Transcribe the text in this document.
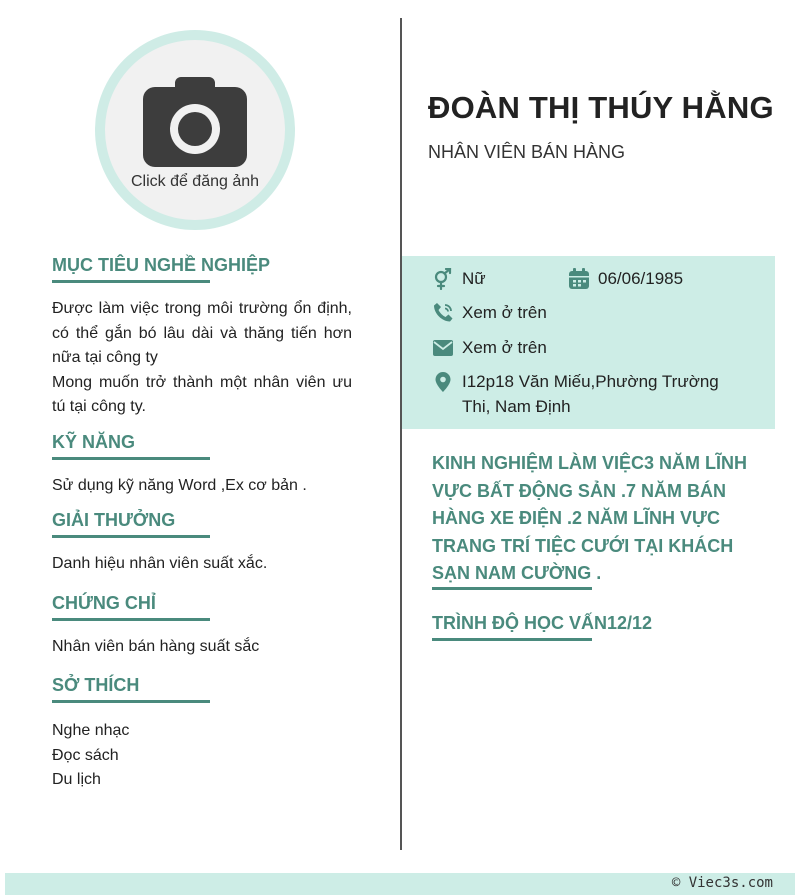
Click để đăng ảnh
MỤC TIÊU NGHỀ NGHIỆP
Được làm việc trong môi trường ổn định, có thể gắn bó lâu dài và thăng tiến hơn nữa tại công ty
Mong muốn trở thành một nhân viên ưu tú tại công ty.
KỸ NĂNG
Sử dụng kỹ năng Word ,Ex cơ bản .
GIẢI THƯỞNG
Danh hiệu nhân viên suất xắc.
CHỨNG CHỈ
Nhân viên bán hàng suất sắc
SỞ THÍCH
Nghe nhạc
Đọc sách
Du lịch
ĐOÀN THỊ THÚY HẰNG
NHÂN VIÊN BÁN HÀNG
Nữ	06/06/1985
Xem ở trên
Xem ở trên
I12p18 Văn Miếu,Phường Trường Thi, Nam Định
KINH NGHIỆM LÀM VIỆC3 NĂM LĨNH VỰC BẤT ĐỘNG SẢN .7 NĂM BÁN HÀNG XE ĐIỆN .2 NĂM LĨNH VỰC TRANG TRÍ TIỆC CƯỚI TẠI KHÁCH SẠN NAM CƯỜNG .
TRÌNH ĐỘ HỌC VẤN12/12
© Viec3s.com
